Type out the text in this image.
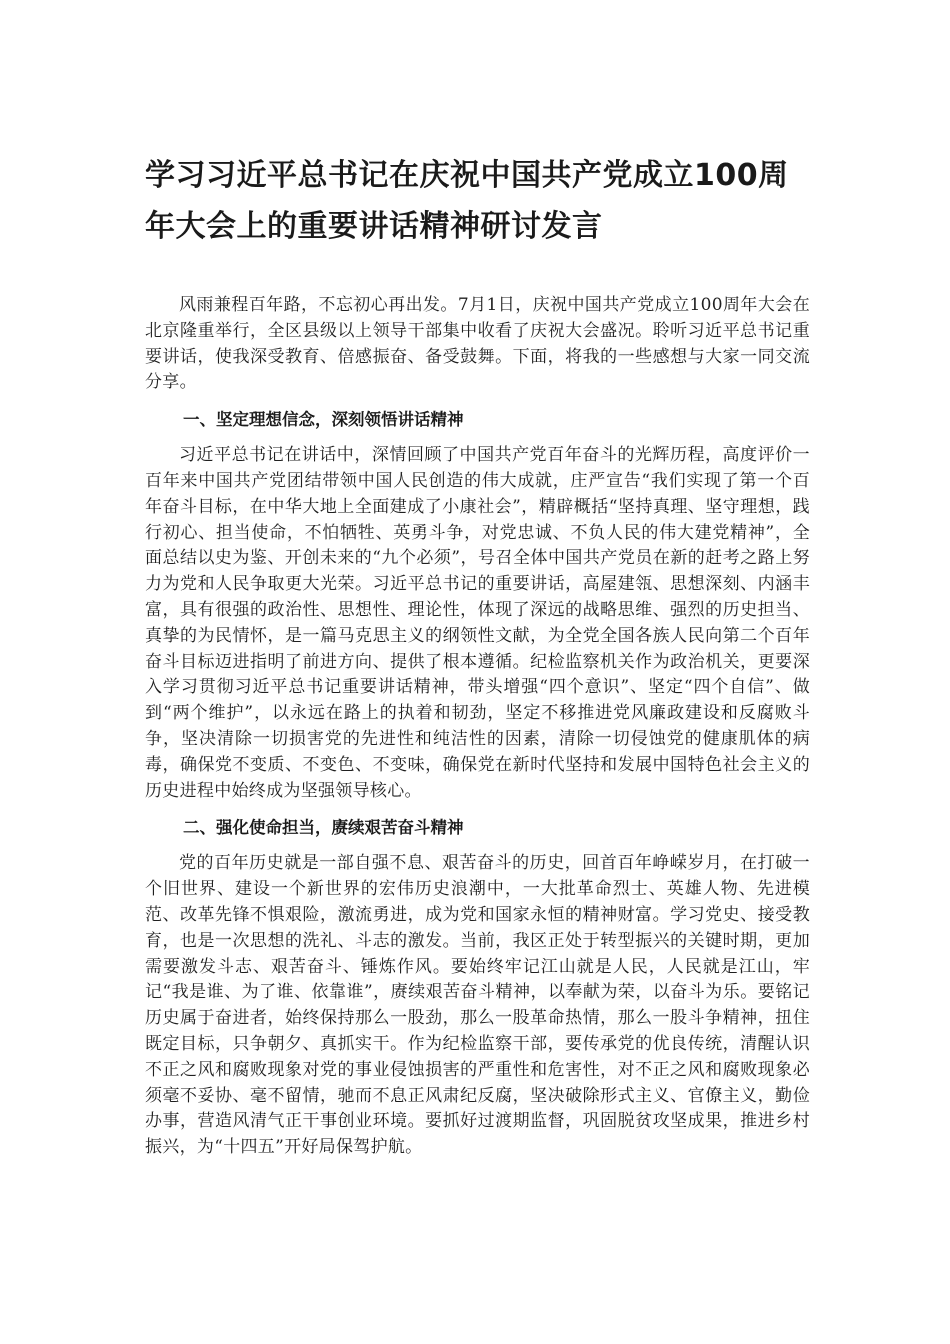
学习习近平总书记在庆祝中国共产党成立100周年大会上的重要讲话精神研讨发言

风雨兼程百年路，不忘初心再出发。7月1日，庆祝中国共产党成立100周年大会在北京隆重举行，全区县级以上领导干部集中收看了庆祝大会盛况。聆听习近平总书记重要讲话，使我深受教育、倍感振奋、备受鼓舞。下面，将我的一些感想与大家一同交流分享。

一、坚定理想信念，深刻领悟讲话精神

习近平总书记在讲话中，深情回顾了中国共产党百年奋斗的光辉历程，高度评价一百年来中国共产党团结带领中国人民创造的伟大成就，庄严宣告“我们实现了第一个百年奋斗目标，在中华大地上全面建成了小康社会”，精辟概括“坚持真理、坚守理想，践行初心、担当使命，不怕牺牲、英勇斗争，对党忠诚、不负人民的伟大建党精神”，全面总结以史为鉴、开创未来的“九个必须”，号召全体中国共产党员在新的赶考之路上努力为党和人民争取更大光荣。习近平总书记的重要讲话，高屋建瓴、思想深刻、内涵丰富，具有很强的政治性、思想性、理论性，体现了深远的战略思维、强烈的历史担当、真挚的为民情怀，是一篇马克思主义的纲领性文献，为全党全国各族人民向第二个百年奋斗目标迈进指明了前进方向、提供了根本遵循。纪检监察机关作为政治机关，更要深入学习贯彻习近平总书记重要讲话精神，带头增强“四个意识”、坚定“四个自信”、做到“两个维护”，以永远在路上的执着和韧劲，坚定不移推进党风廉政建设和反腐败斗争，坚决清除一切损害党的先进性和纯洁性的因素，清除一切侵蚀党的健康肌体的病毒，确保党不变质、不变色、不变味，确保党在新时代坚持和发展中国特色社会主义的历史进程中始终成为坚强领导核心。

二、强化使命担当，赓续艰苦奋斗精神

党的百年历史就是一部自强不息、艰苦奋斗的历史，回首百年峥嵘岁月，在打破一个旧世界、建设一个新世界的宏伟历史浪潮中，一大批革命烈士、英雄人物、先进模范、改革先锋不惧艰险，激流勇进，成为党和国家永恒的精神财富。学习党史、接受教育，也是一次思想的洗礼、斗志的激发。当前，我区正处于转型振兴的关键时期，更加需要激发斗志、艰苦奋斗、锤炼作风。要始终牢记江山就是人民，人民就是江山，牢记“我是谁、为了谁、依靠谁”，赓续艰苦奋斗精神，以奉献为荣，以奋斗为乐。要铭记历史属于奋进者，始终保持那么一股劲，那么一股革命热情，那么一股斗争精神，扭住既定目标，只争朝夕、真抓实干。作为纪检监察干部，要传承党的优良传统，清醒认识不正之风和腐败现象对党的事业侵蚀损害的严重性和危害性，对不正之风和腐败现象必须毫不妥协、毫不留情，驰而不息正风肃纪反腐，坚决破除形式主义、官僚主义，勤俭办事，营造风清气正干事创业环境。要抓好过渡期监督，巩固脱贫攻坚成果，推进乡村振兴，为“十四五”开好局保驾护航。
